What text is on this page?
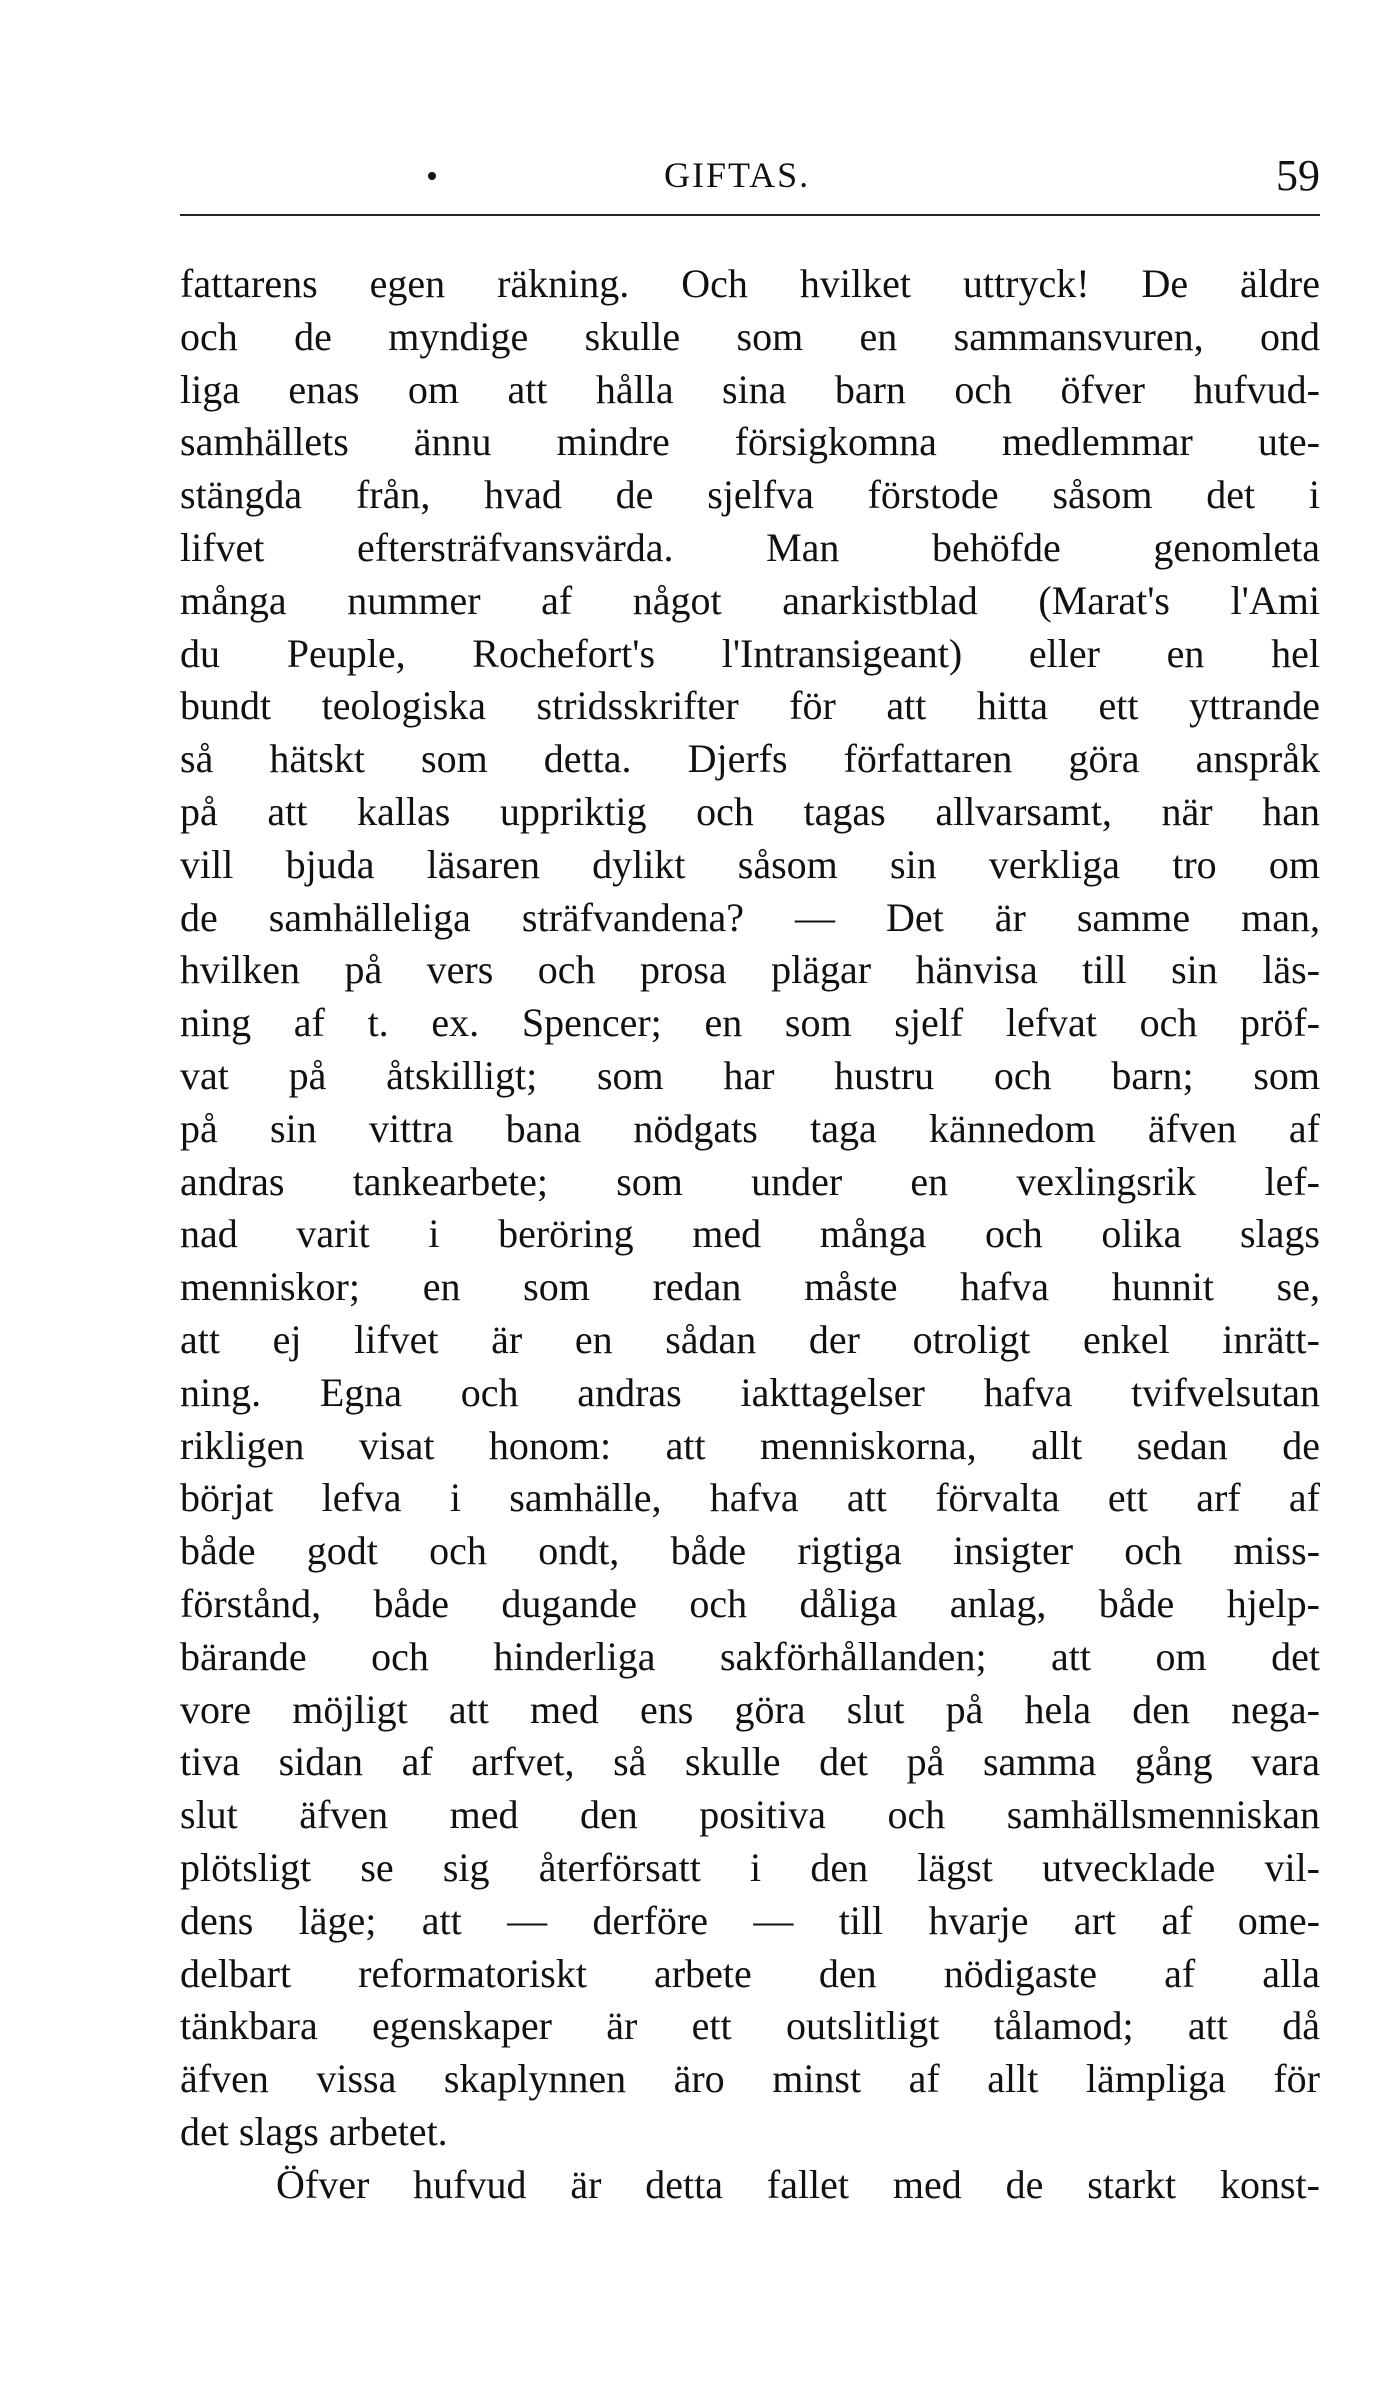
GIFTAS.	59
fattarens egen räkning. Och hvilket uttryck! De äldre
och de myndige skulle som en sammansvuren, ond
liga enas om att hålla sina barn och öfver hufvud-
samhällets ännu mindre försigkomna medlemmar ute-
stängda från, hvad de sjelfva förstode såsom det i
lifvet eftersträfvansvärda. Man behöfde genomleta
många nummer af något anarkistblad (Marat's l'Ami
du Peuple, Rochefort's l'Intransigeant) eller en hel
bundt teologiska stridsskrifter för att hitta ett yttrande
så hätskt som detta. Djerfs författaren göra anspråk
på att kallas uppriktig och tagas allvarsamt, när han
vill bjuda läsaren dylikt såsom sin verkliga tro om
de samhälleliga sträfvandena? — Det är samme man,
hvilken på vers och prosa plägar hänvisa till sin läs-
ning af t. ex. Spencer; en som sjelf lefvat och pröf-
vat på åtskilligt; som har hustru och barn; som
på sin vittra bana nödgats taga kännedom äfven af
andras tankearbete; som under en vexlingsrik lef-
nad varit i beröring med många och olika slags
menniskor; en som redan måste hafva hunnit se,
att ej lifvet är en sådan der otroligt enkel inrätt-
ning. Egna och andras iakttagelser hafva tvifvelsutan
rikligen visat honom: att menniskorna, allt sedan de
börjat lefva i samhälle, hafva att förvalta ett arf af
både godt och ondt, både rigtiga insigter och miss-
förstånd, både dugande och dåliga anlag, både hjelp-
bärande och hinderliga sakförhållanden; att om det
vore möjligt att med ens göra slut på hela den nega-
tiva sidan af arfvet, så skulle det på samma gång vara
slut äfven med den positiva och samhällsmenniskan
plötsligt se sig återförsatt i den lägst utvecklade vil-
dens läge; att — derföre — till hvarje art af ome-
delbart reformatoriskt arbete den nödigaste af alla
tänkbara egenskaper är ett outslitligt tålamod; att då
äfven vissa skaplynnen äro minst af allt lämpliga för
det slags arbetet.
Öfver hufvud är detta fallet med de starkt konst-
